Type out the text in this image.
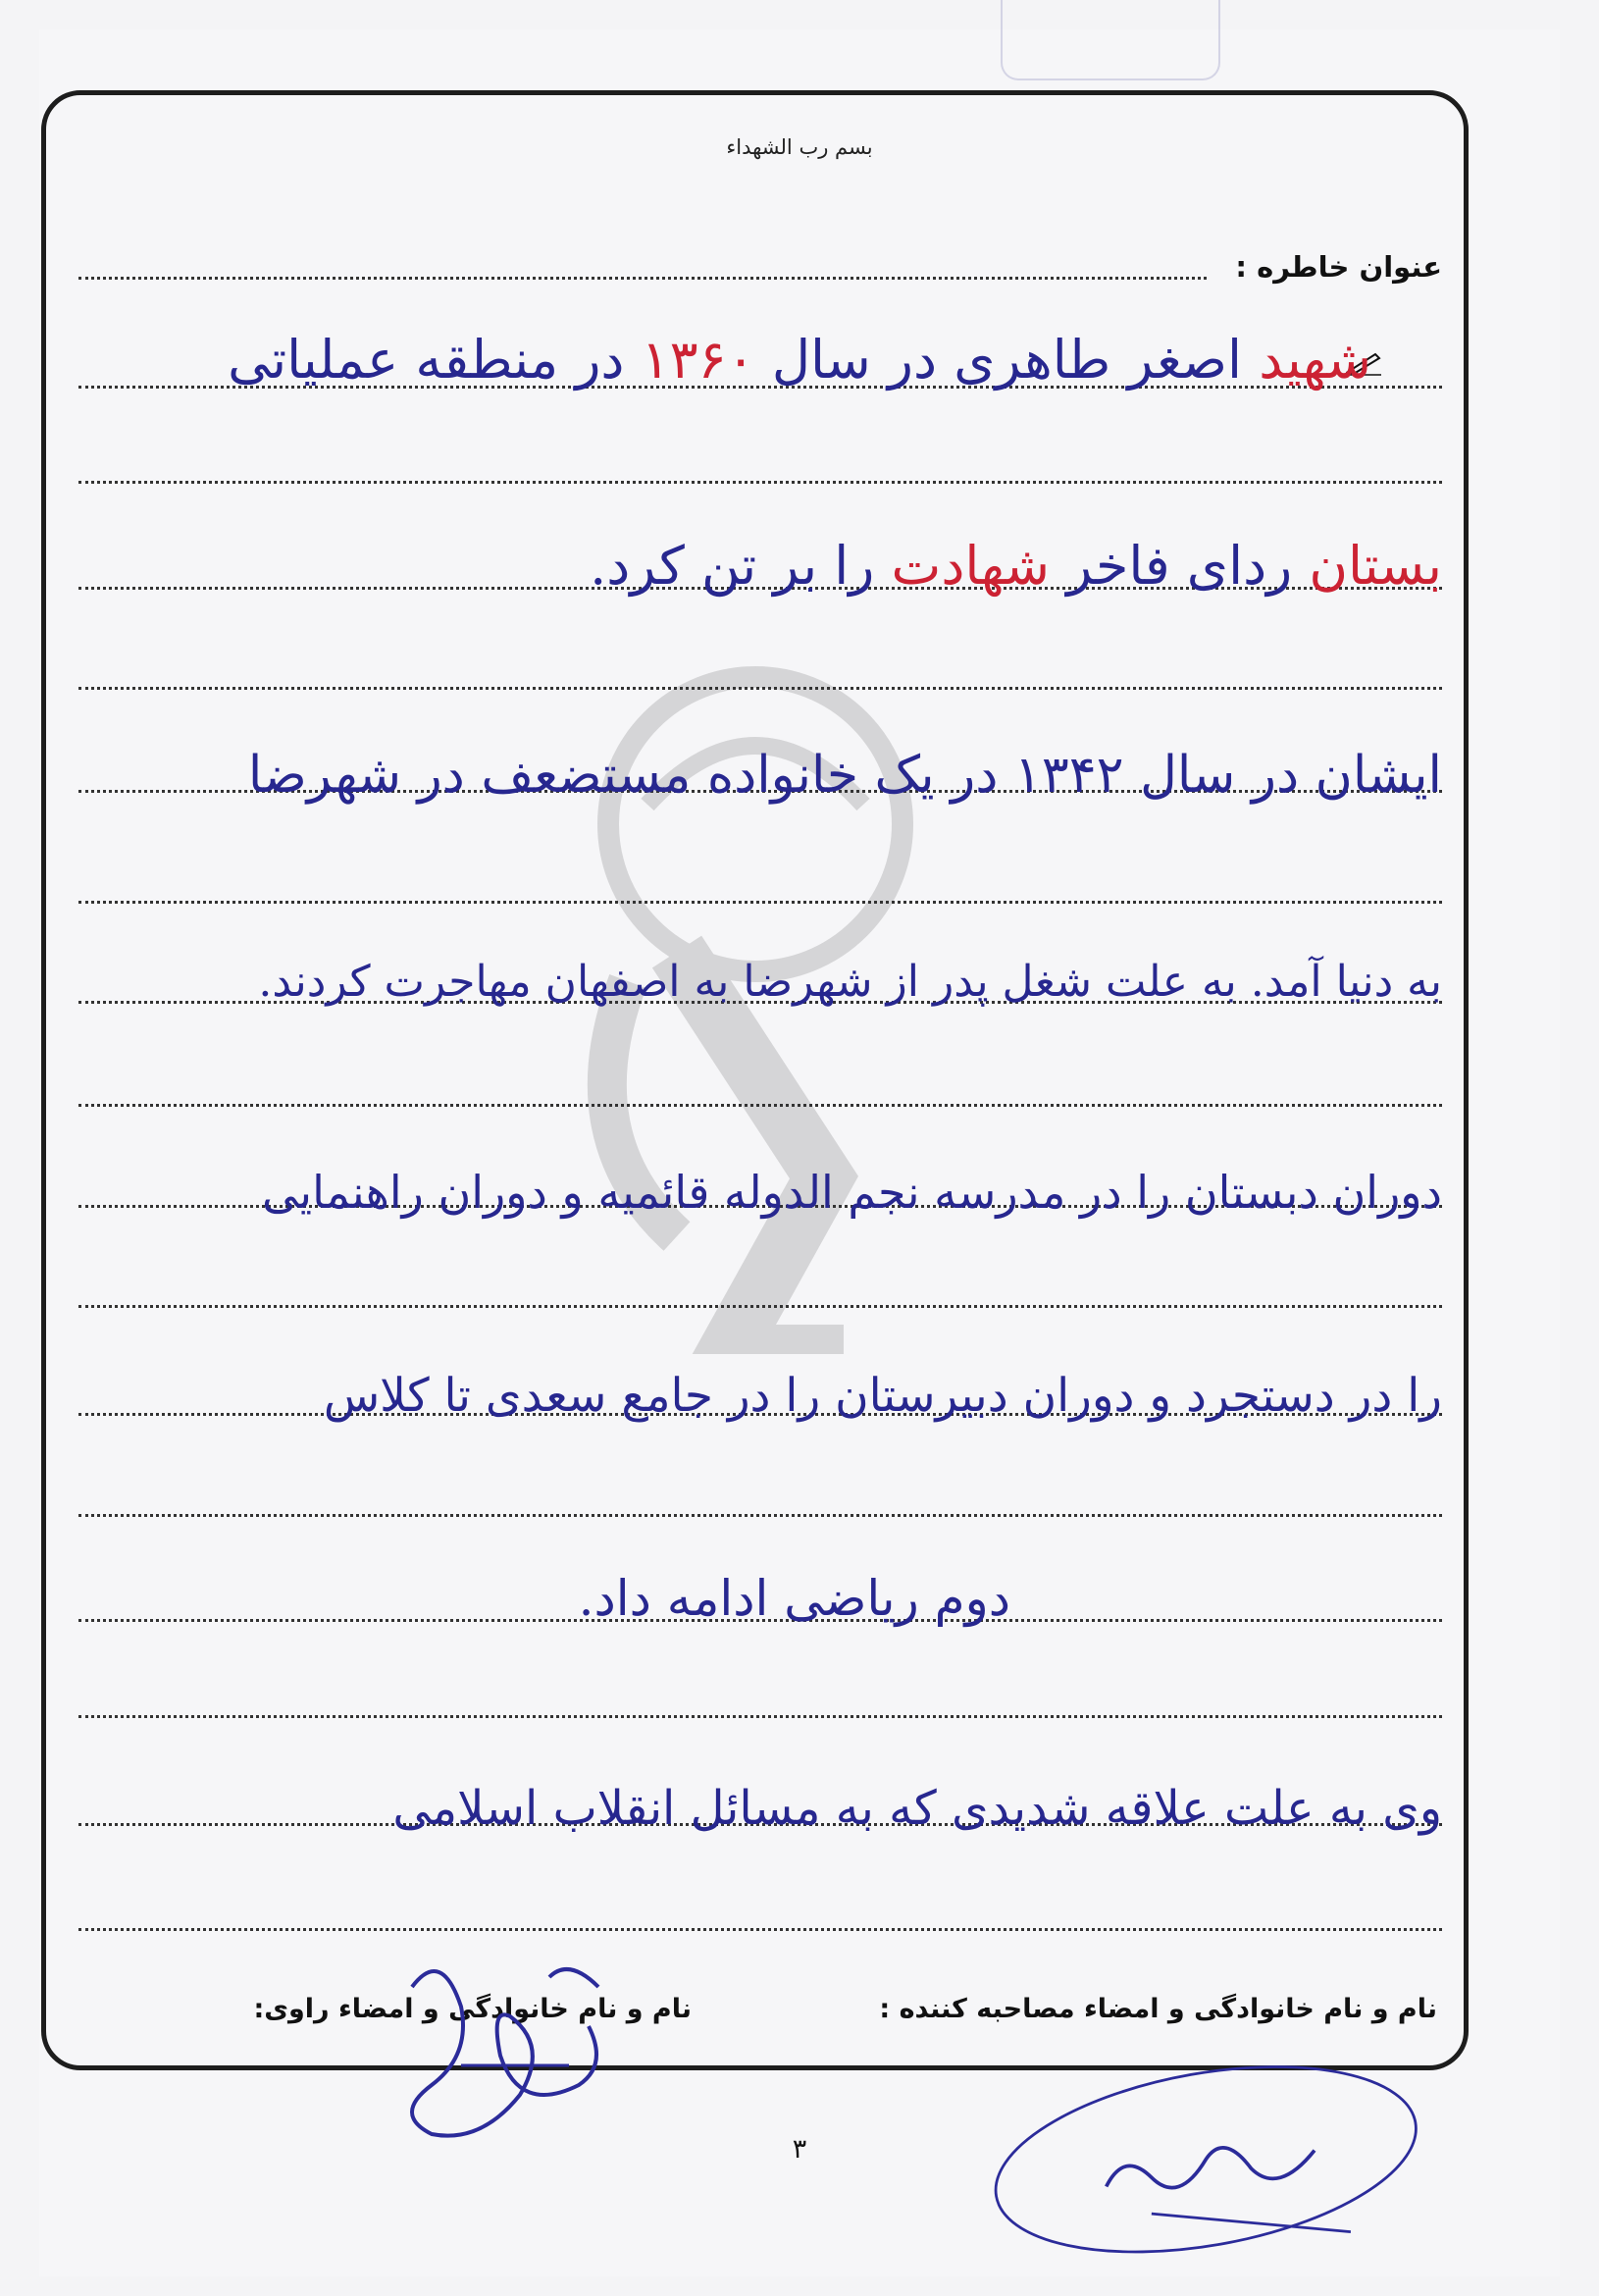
بسم رب الشهداء
عنوان خاطره :
شهید اصغر طاهری در سال ۱۳۶۰ در منطقه عملیاتی
بستان ردای فاخر شهادت را بر تن کرد.
ایشان در سال ۱۳۴۲ در یک خانواده مستضعف در شهرضا
به دنیا آمد. به علت شغل پدر از شهرضا به اصفهان مهاجرت کردند.
دوران دبستان را در مدرسه نجم الدوله قائمیه و دوران راهنمایی
را در دستجرد و دوران دبیرستان را در جامع سعدی تا کلاس
دوم ریاضی ادامه داد.
وی به علت علاقه شدیدی که به مسائل انقلاب اسلامی
نام و نام خانوادگی و امضاء مصاحبه کننده :
نام و نام خانوادگی و امضاء راوی:
۳
